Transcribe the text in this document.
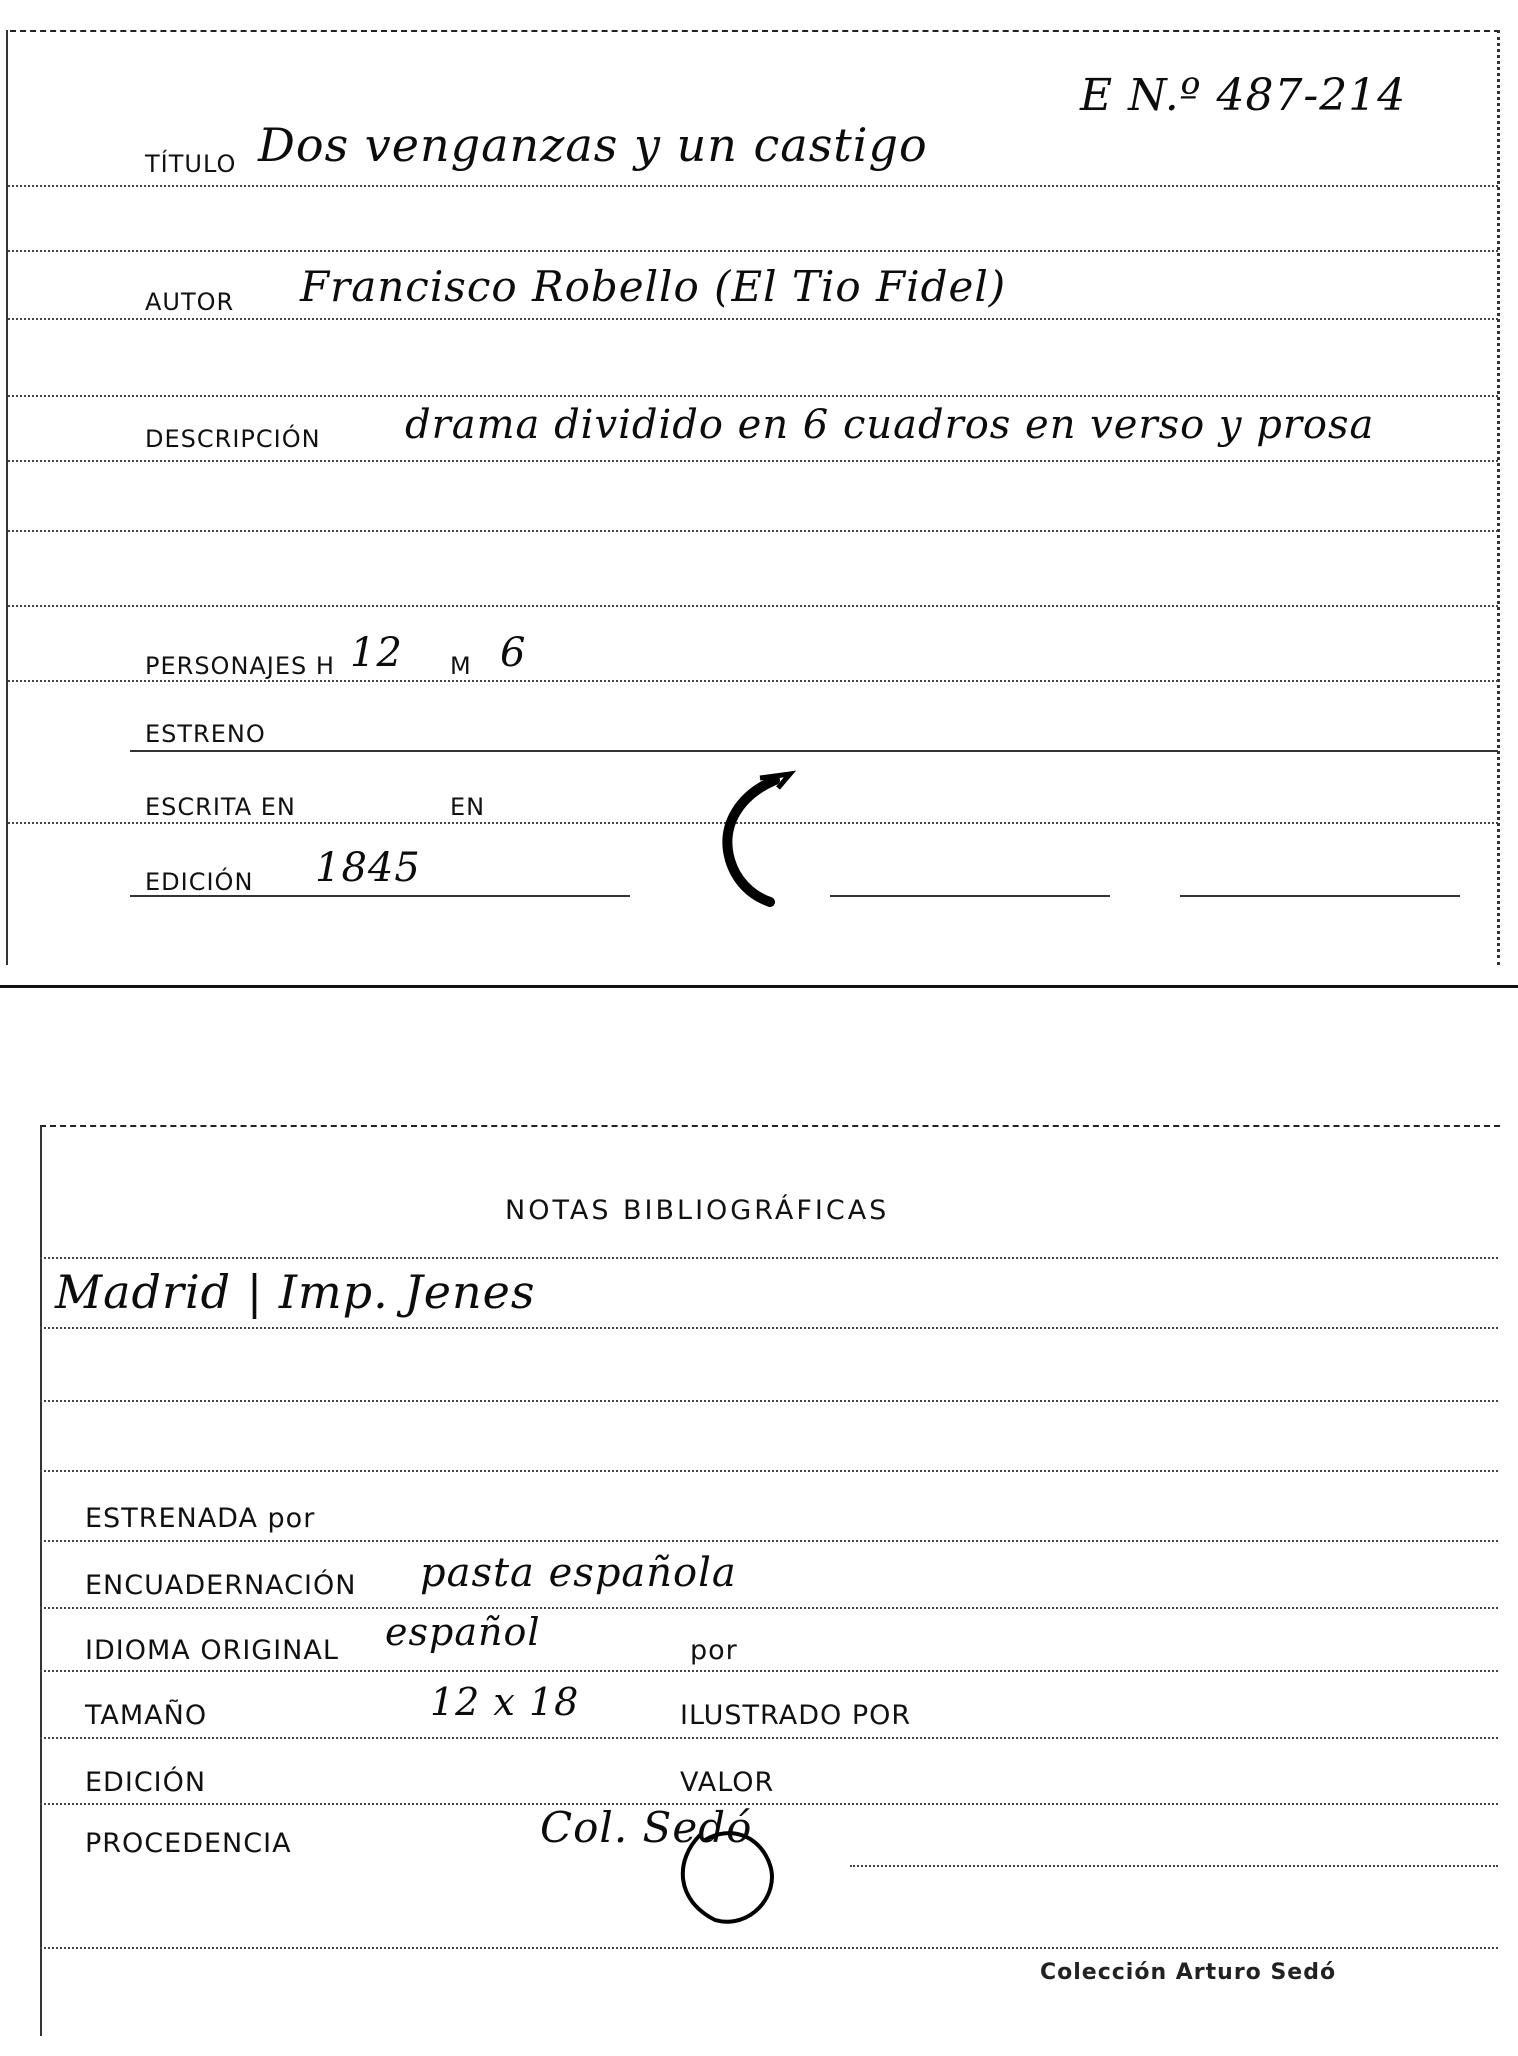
TÍTULO Dos venganzas y un castigo
E N.º 487-214
AUTOR Francisco Robello (El Tio Fidel)
DESCRIPCIÓN drama dividido en 6 cuadros en verso y prosa
PERSONAJES H 12 M 6
ESTRENO
ESCRITA EN	EN
EDICIÓN 1845
NOTAS BIBLIOGRÁFICAS
Madrid | Imp. Jenes
ESTRENADA por
ENCUADERNACIÓN pasta española
IDIOMA ORIGINAL español	por
TAMAÑO	12 x 18	ILUSTRADO POR
EDICIÓN	VALOR
PROCEDENCIA	Col. Sedó
Colección Arturo Sedó
